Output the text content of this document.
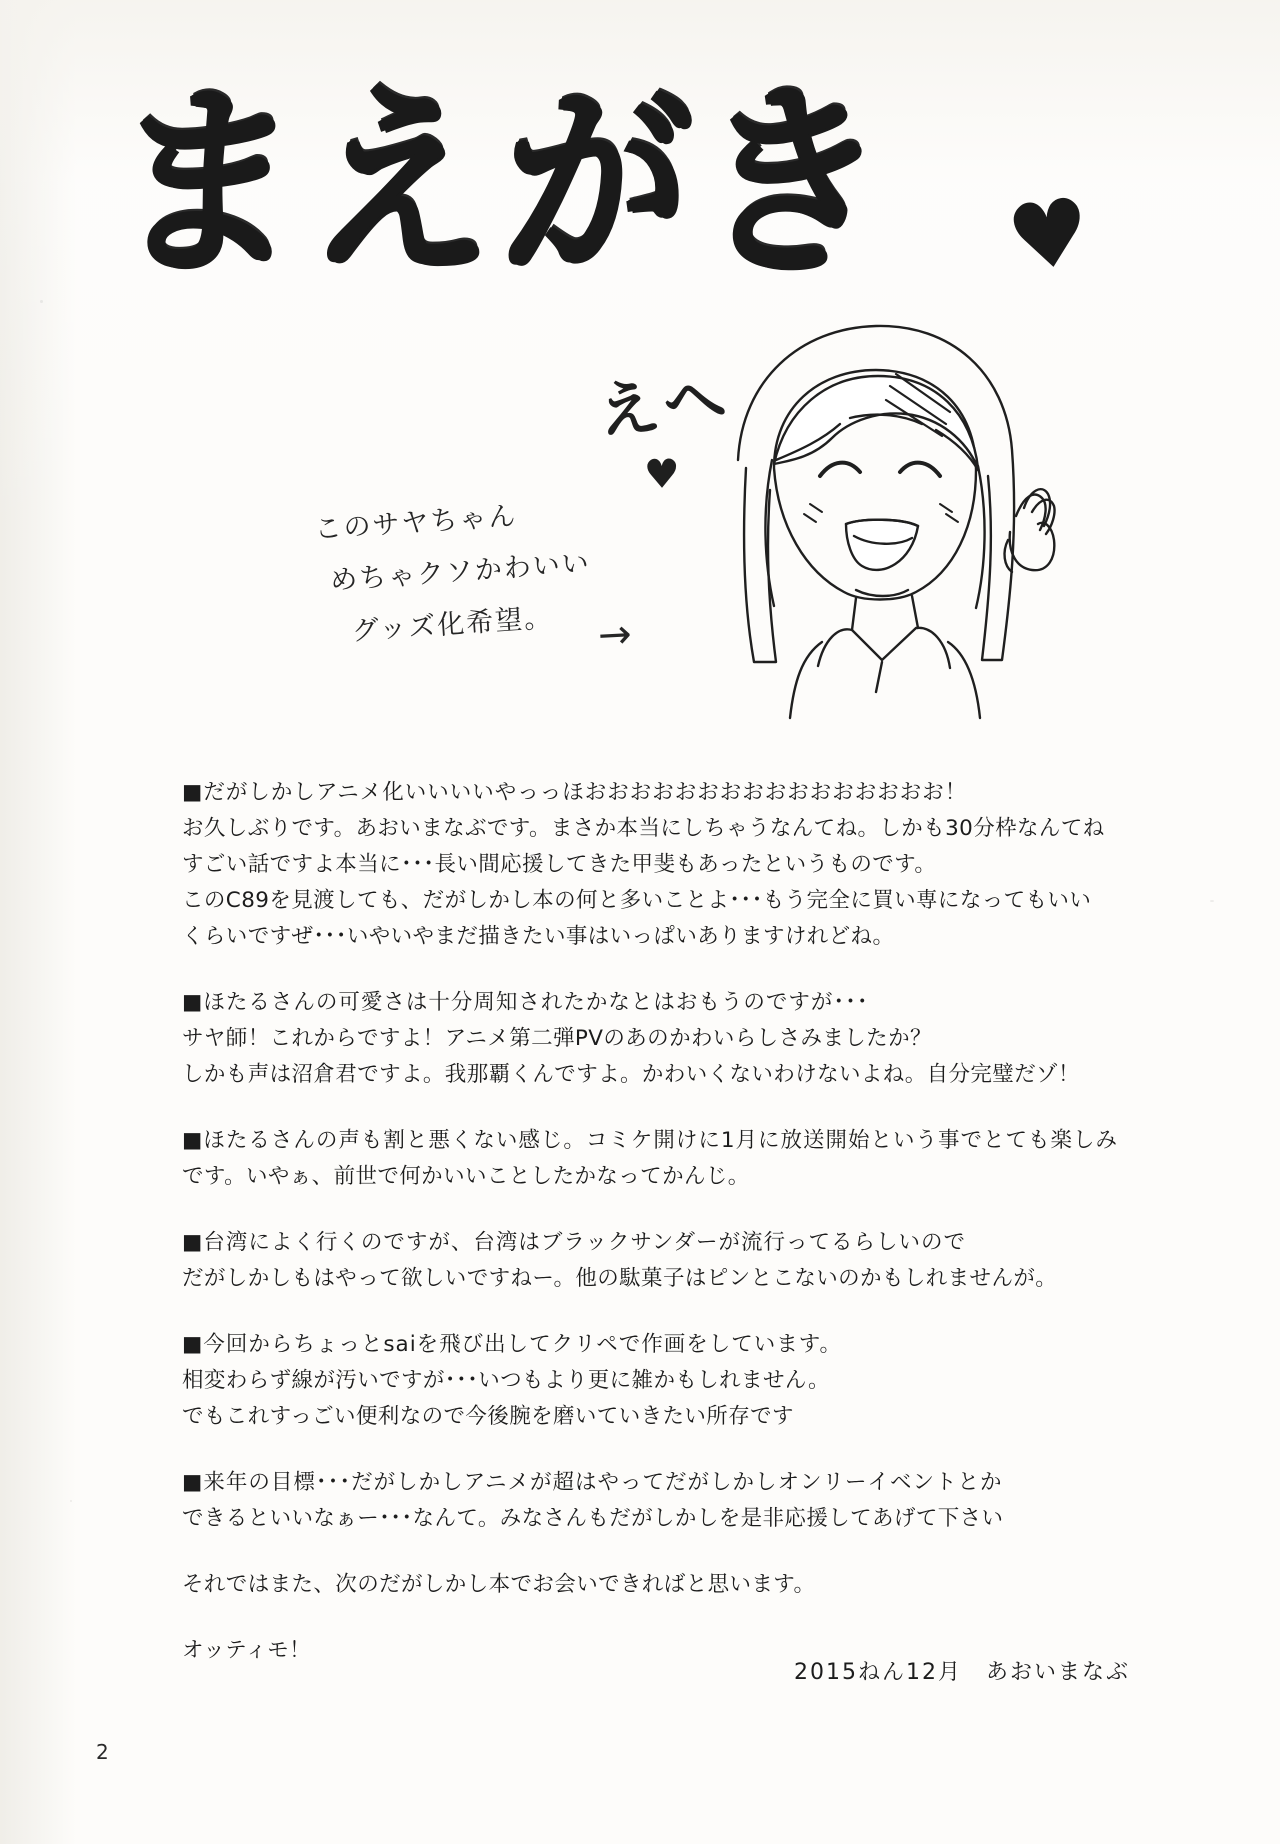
まえがき	♥
えへ
♥
このサヤちゃん
めちゃクソかわいい
グッズ化希望。	→

■だがしかしアニメ化いいいいやっっほおおおおおおおおおおおおおおおお！

お久しぶりです。あおいまなぶです。まさか本当にしちゃうなんてね。しかも30分枠なんてね

すごい話ですよ本当に･･･長い間応援してきた甲斐もあったというものです。

このC89を見渡しても、だがしかし本の何と多いことよ･･･もう完全に買い専になってもいい

くらいですぜ･･･いやいやまだ描きたい事はいっぱいありますけれどね。

■ほたるさんの可愛さは十分周知されたかなとはおもうのですが･･･

サヤ師！これからですよ！アニメ第二弾PVのあのかわいらしさみましたか？

しかも声は沼倉君ですよ。我那覇くんですよ。かわいくないわけないよね。自分完璧だゾ！

■ほたるさんの声も割と悪くない感じ。コミケ開けに1月に放送開始という事でとても楽しみ

です。いやぁ、前世で何かいいことしたかなってかんじ。

■台湾によく行くのですが、台湾はブラックサンダーが流行ってるらしいので

だがしかしもはやって欲しいですねー。他の駄菓子はピンとこないのかもしれませんが。

■今回からちょっとsaiを飛び出してクリペで作画をしています。

相変わらず線が汚いですが･･･いつもより更に雑かもしれません。

でもこれすっごい便利なので今後腕を磨いていきたい所存です

■来年の目標･･･だがしかしアニメが超はやってだがしかしオンリーイベントとか

できるといいなぁー･･･なんて。みなさんもだがしかしを是非応援してあげて下さい

それではまた、次のだがしかし本でお会いできればと思います。

オッティモ！

2015ねん12月　あおいまなぶ
2
